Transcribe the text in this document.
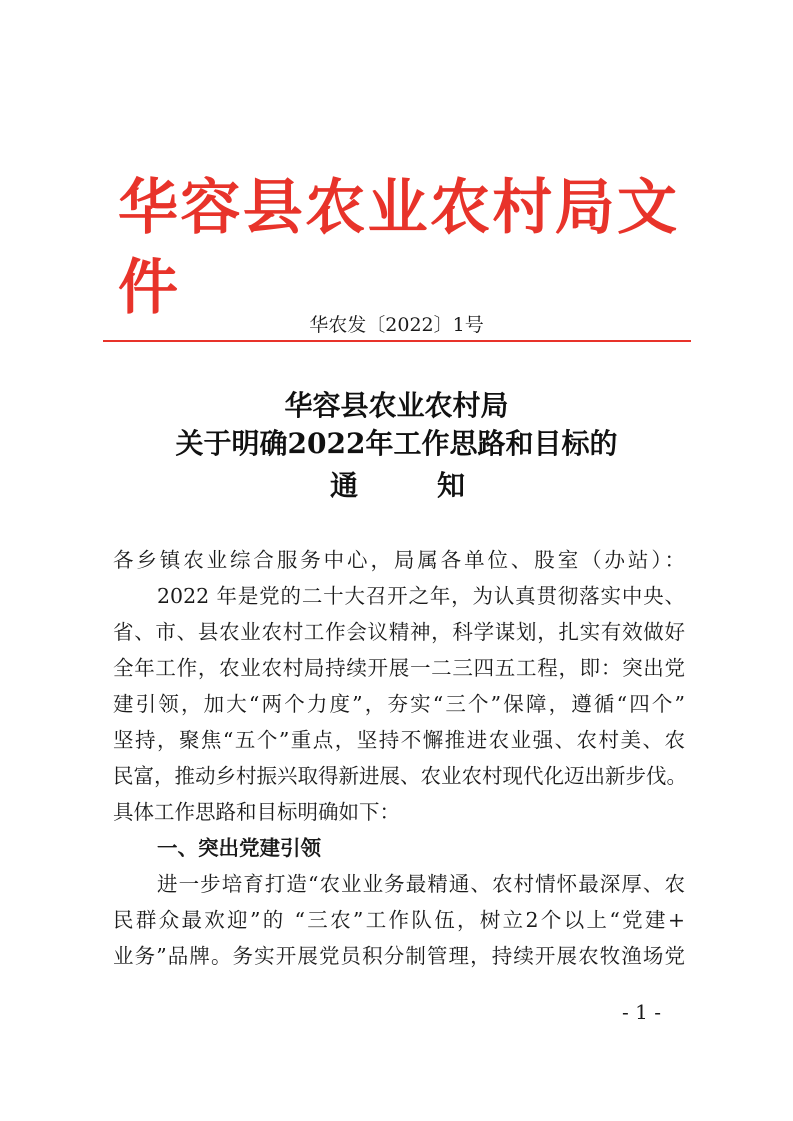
华容县农业农村局文件
华农发〔2022〕1号
华容县农业农村局
关于明确2022年工作思路和目标的
通　　知
各乡镇农业综合服务中心，局属各单位、股室（办站）：
2022 年是党的二十大召开之年，为认真贯彻落实中央、
省、市、县农业农村工作会议精神，科学谋划，扎实有效做好
全年工作，农业农村局持续开展一二三四五工程，即：突出党
建引领，加大“两个力度”，夯实“三个”保障，遵循“四个”
坚持，聚焦“五个”重点，坚持不懈推进农业强、农村美、农
民富，推动乡村振兴取得新进展、农业农村现代化迈出新步伐。
具体工作思路和目标明确如下：
一、突出党建引领
进一步培育打造“农业业务最精通、农村情怀最深厚、农
民群众最欢迎”的 “三农”工作队伍，树立2个以上“党建+
业务”品牌。务实开展党员积分制管理，持续开展农牧渔场党
- 1 -
